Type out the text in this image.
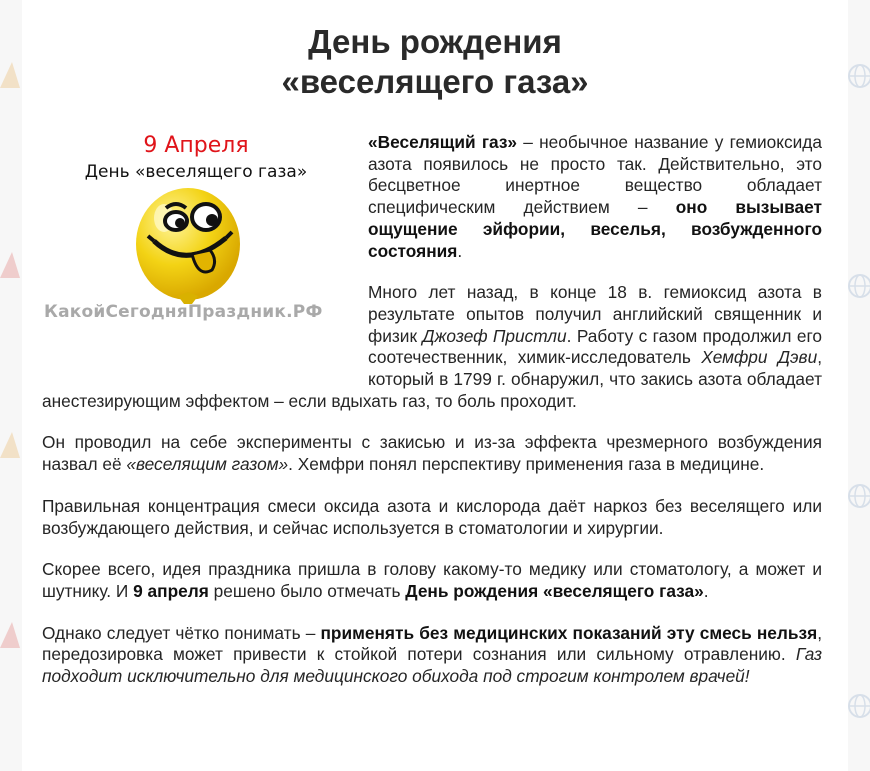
День рождения
«веселящего газа»
9 Апреля
День «веселящего газа»
КакойСегодняПраздник.РФ

«Веселящий газ» – необычное название у гемиоксида азота появилось не просто так. Действительно, это бесцветное инертное вещество обладает специфическим действием – оно вызывает ощущение эйфории, веселья, возбужденного состояния.

Много лет назад, в конце 18 в. гемиоксид азота в результате опытов получил английский священник и физик Джозеф Пристли. Работу с газом продолжил его соотечественник, химик-исследователь Хемфри Дэви, который в 1799 г. обнаружил, что закись азота обладает анестезирующим эффектом – если вдыхать газ, то боль проходит.

Он проводил на себе эксперименты с закисью и из-за эффекта чрезмерного возбуждения назвал её «веселящим газом». Хемфри понял перспективу применения газа в медицине.

Правильная концентрация смеси оксида азота и кислорода даёт наркоз без веселящего или возбуждающего действия, и сейчас используется в стоматологии и хирургии.

Скорее всего, идея праздника пришла в голову какому-то медику или стоматологу, а может и шутнику. И 9 апреля решено было отмечать День рождения «веселящего газа».

Однако следует чётко понимать – применять без медицинских показаний эту смесь нельзя, передозировка может привести к стойкой потери сознания или сильному отравлению. Газ подходит исключительно для медицинского обихода под строгим контролем врачей!
